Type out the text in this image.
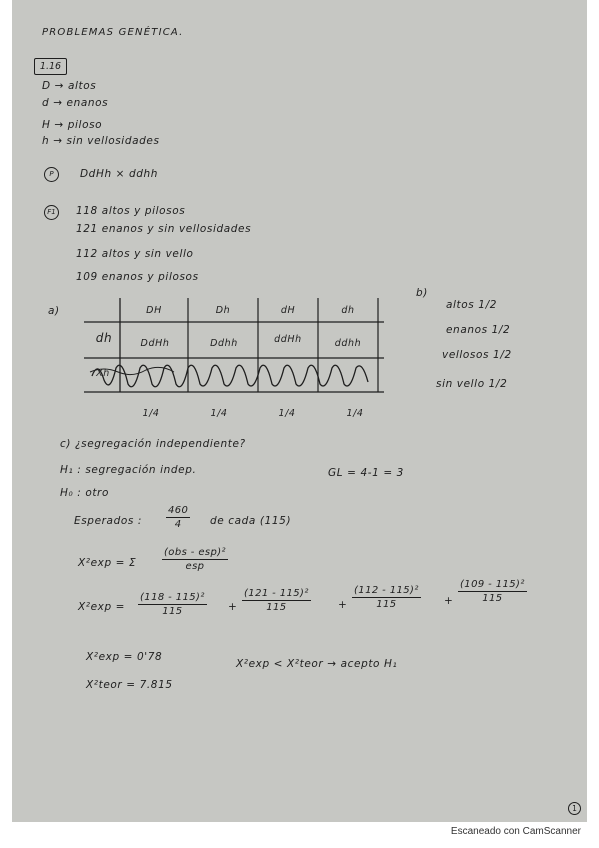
PROBLEMAS GENÉTICA.
1.16
D → altos
d → enanos
H → piloso
h → sin vellosidades
P	DdHh × ddhh
F1	118 altos y pilosos
121 enanos y sin vellosidades
112 altos y sin vello
109 enanos y pilosos
a)	DH	Dh	dH	dh
dh	DdHh	Ddhh	ddHh	ddhh
Xh
1/4	1/4	1/4	1/4
b)
altos 1/2
enanos 1/2
vellosos 1/2
sin vello 1/2
c) ¿segregación independiente?
H₁ : segregación indep.	GL = 4-1 = 3
H₀ : otro
Esperados : $\frac{460}{4}$ de cada (115)
X²exp = Σ
(obs - esp)²
esp
$X^2\exp = \frac{\text{(118 - 115)²}}{115} + \frac{\text{(121 - 115)²}}{115}$	+ $\frac{\text{(112 - 115)²}}{115} + \frac{\text{(109 - 115)²}}{115}$
X²exp = 0'78
X²teor = 7.815
X²exp < X²teor → acepto H₁
1
Escaneado con CamScanner
